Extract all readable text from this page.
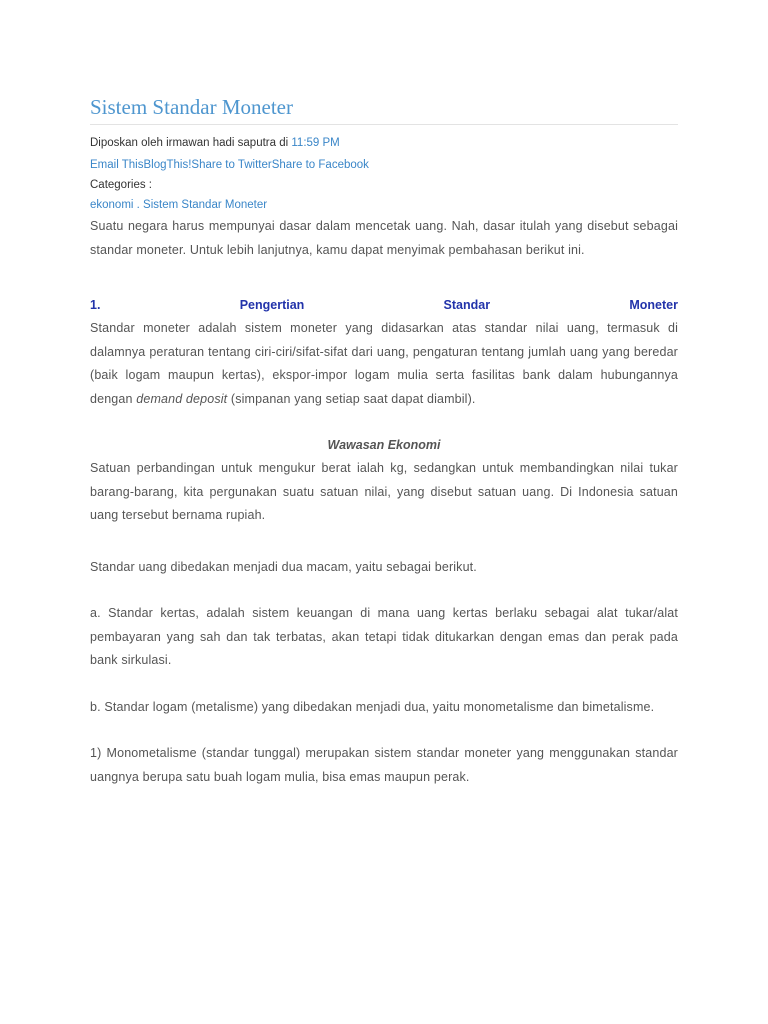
Sistem Standar Moneter
Diposkan oleh irmawan hadi saputra di 11:59 PM
Email ThisBlogThis!Share to TwitterShare to Facebook
Categories :
ekonomi . Sistem Standar Moneter
Suatu negara harus mempunyai dasar dalam mencetak uang. Nah, dasar itulah yang disebut sebagai standar moneter. Untuk lebih lanjutnya, kamu dapat menyimak pembahasan berikut ini.
1.	Pengertian	Standar	Moneter
Standar moneter adalah sistem moneter yang didasarkan atas standar nilai uang, termasuk di dalamnya peraturan tentang ciri-ciri/sifat-sifat dari uang, pengaturan tentang jumlah uang yang beredar (baik logam maupun kertas), ekspor-impor logam mulia serta fasilitas bank dalam hubungannya dengan demand deposit (simpanan yang setiap saat dapat diambil).
Wawasan Ekonomi
Satuan perbandingan untuk mengukur berat ialah kg, sedangkan untuk membandingkan nilai tukar barang-barang, kita pergunakan suatu satuan nilai, yang disebut satuan uang. Di Indonesia satuan uang tersebut bernama rupiah.
Standar uang dibedakan menjadi dua macam, yaitu sebagai berikut.
a. Standar kertas, adalah sistem keuangan di mana uang kertas berlaku sebagai alat tukar/alat pembayaran yang sah dan tak terbatas, akan tetapi tidak ditukarkan dengan emas dan perak pada bank sirkulasi.
b. Standar logam (metalisme) yang dibedakan menjadi dua, yaitu monometalisme dan bimetalisme.
1) Monometalisme (standar tunggal) merupakan sistem standar moneter yang menggunakan standar uangnya berupa satu buah logam mulia, bisa emas maupun perak.
